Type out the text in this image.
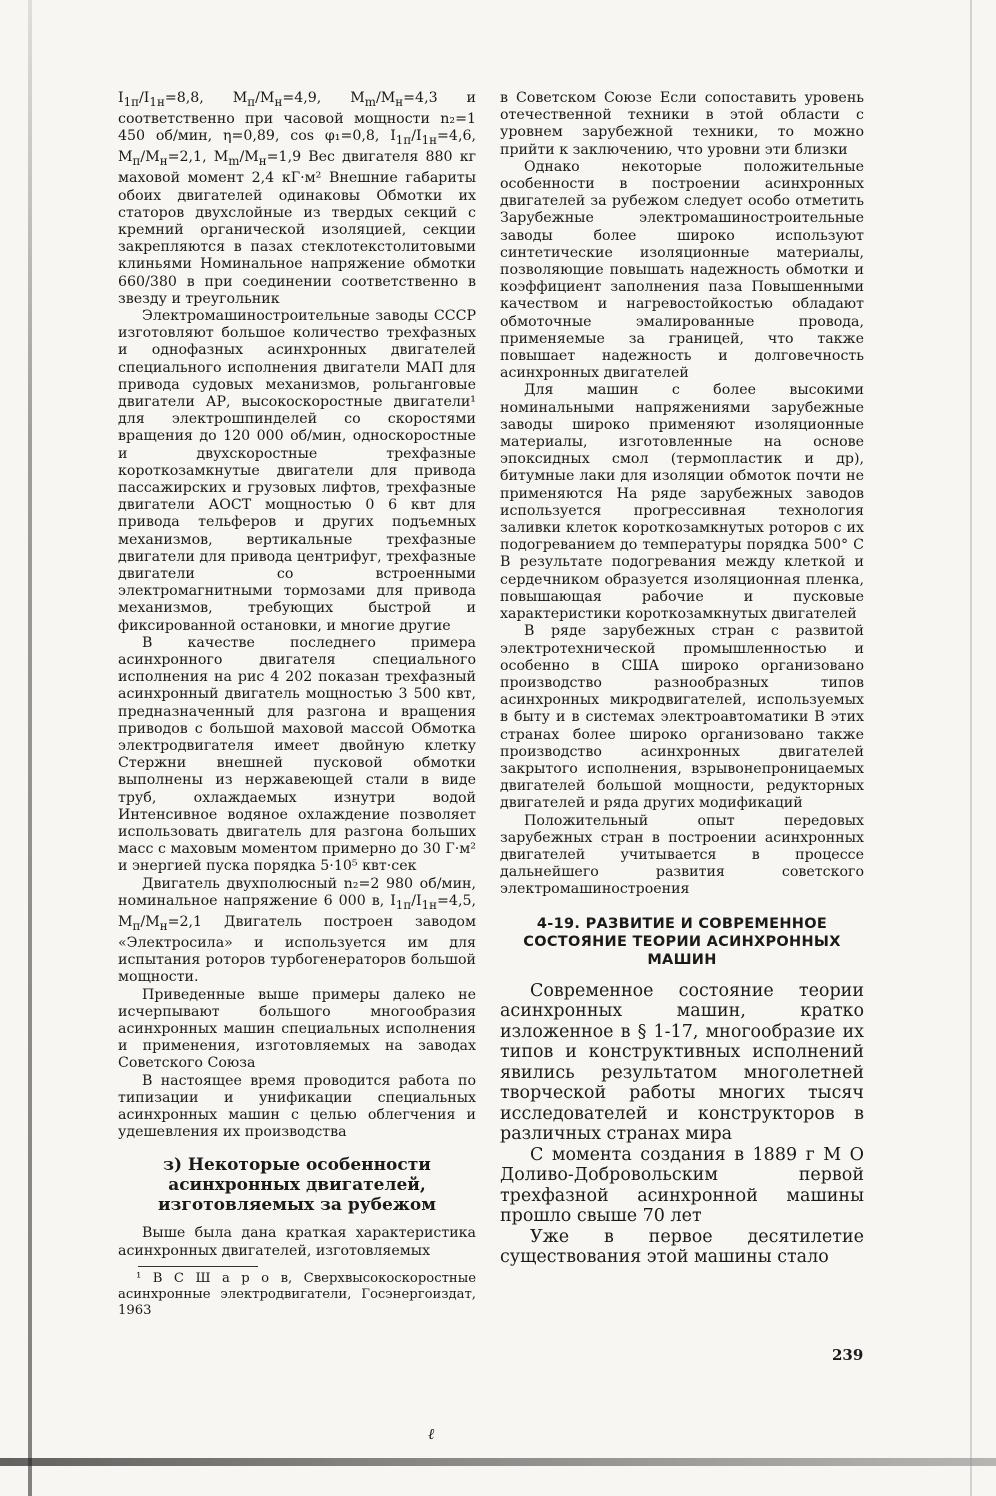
$I_{1п}/I_{1н}=8,8$, $M_п/M_н=4,9$, $M_m/M_н=4,3$ и соответственно при часовой мощности n₂=1 450 об/мин, η=0,89, cos φ₁=0,8, $I_{1п}/I_{1н}=4,6$, $M_п/M_н=2,1$, $M_m/M_н=1,9$ Вес двигателя 880 кг маховой момент 2,4 кГ·м² Внешние габариты обоих двигателей одинаковы Обмотки их статоров двухслойные из твердых секций с кремний органической изоляцией, секции закрепляются в пазах стеклотекстолитовыми клиньями Номинальное напряжение обмотки 660/380 в при соединении соответственно в звезду и треугольник

Электромашиностроительные заводы СССР изготовляют большое количество трехфазных и однофазных асинхронных двигателей специального исполнения двигатели МАП для привода судовых механизмов, рольганговые двигатели АР, высокоскоростные двигатели¹ для электрошпинделей со скоростями вращения до 120 000 об/мин, односкоростные и двухскоростные трехфазные короткозамкнутые двигатели для привода пассажирских и грузовых лифтов, трехфазные двигатели АОСТ мощностью 0 6 квт для привода тельферов и других подъемных механизмов, вертикальные трехфазные двигатели для привода центрифуг, трехфазные двигатели со встроенными электромагнитными тормозами для привода механизмов, требующих быстрой и фиксированной остановки, и многие другие

В качестве последнего примера асинхронного двигателя специального исполнения на рис 4 202 показан трехфазный асинхронный двигатель мощностью 3 500 квт, предназначенный для разгона и вращения приводов с большой маховой массой Обмотка электродвигателя имеет двойную клетку Стержни внешней пусковой обмотки выполнены из нержавеющей стали в виде труб, охлаждаемых изнутри водой Интенсивное водяное охлаждение позволяет использовать двигатель для разгона больших масс с маховым моментом примерно до 30 Г·м² и энергией пуска порядка 5·10⁵ квт·сек

Двигатель двухполюсный n₂=2 980 об/мин, номинальное напряжение 6 000 в, $I_{1п}/I_{1н}=4,5$, $M_п/M_н=2,1$ Двигатель построен заводом «Электросила» и используется им для испытания роторов турбогенераторов большой мощности.

Приведенные выше примеры далеко не исчерпывают большого многообразия асинхронных машин специальных исполнения и применения, изготовляемых на заводах Советского Союза

В настоящее время проводится работа по типизации и унификации специальных асинхронных машин с целью облегчения и удешевления их производства

з) Некоторые особенности асинхронных двигателей, изготовляемых за рубежом

Выше была дана краткая характеристика асинхронных двигателей, изготовляемых

¹ В С Ш а р о в, Сверхвысокоскоростные асинхронные электродвигатели, Госэнергоиздат, 1963

в Советском Союзе Если сопоставить уровень отечественной техники в этой области с уровнем зарубежной техники, то можно прийти к заключению, что уровни эти близки

Однако некоторые положительные особенности в построении асинхронных двигателей за рубежом следует особо отметить Зарубежные электромашиностроительные заводы более широко используют синтетические изоляционные материалы, позволяющие повышать надежность обмотки и коэффициент заполнения паза Повышенными качеством и нагревостойкостью обладают обмоточные эмалированные провода, применяемые за границей, что также повышает надежность и долговечность асинхронных двигателей

Для машин с более высокими номинальными напряжениями зарубежные заводы широко применяют изоляционные материалы, изготовленные на основе эпоксидных смол (термопластик и др), битумные лаки для изоляции обмоток почти не применяются На ряде зарубежных заводов используется прогрессивная технология заливки клеток короткозамкнутых роторов с их подогреванием до температуры порядка 500° С В результате подогревания между клеткой и сердечником образуется изоляционная пленка, повышающая рабочие и пусковые характеристики короткозамкнутых двигателей

В ряде зарубежных стран с развитой электротехнической промышленностью и особенно в США широко организовано производство разнообразных типов асинхронных микродвигателей, используемых в быту и в системах электроавтоматики В этих странах более широко организовано также производство асинхронных двигателей закрытого исполнения, взрывонепроницаемых двигателей большой мощности, редукторных двигателей и ряда других модификаций

Положительный опыт передовых зарубежных стран в построении асинхронных двигателей учитывается в процессе дальнейшего развития советского электромашиностроения

4-19. РАЗВИТИЕ И СОВРЕМЕННОЕ СОСТОЯНИЕ ТЕОРИИ АСИНХРОННЫХ МАШИН

Современное состояние теории асинхронных машин, кратко изложенное в § 1-17, многообразие их типов и конструктивных исполнений явились результатом многолетней творческой работы многих тысяч исследователей и конструкторов в различных странах мира

С момента создания в 1889 г М О Доливо-Добровольским первой трехфазной асинхронной машины прошло свыше 70 лет

Уже в первое десятилетие существования этой машины стало

239
ℓ
